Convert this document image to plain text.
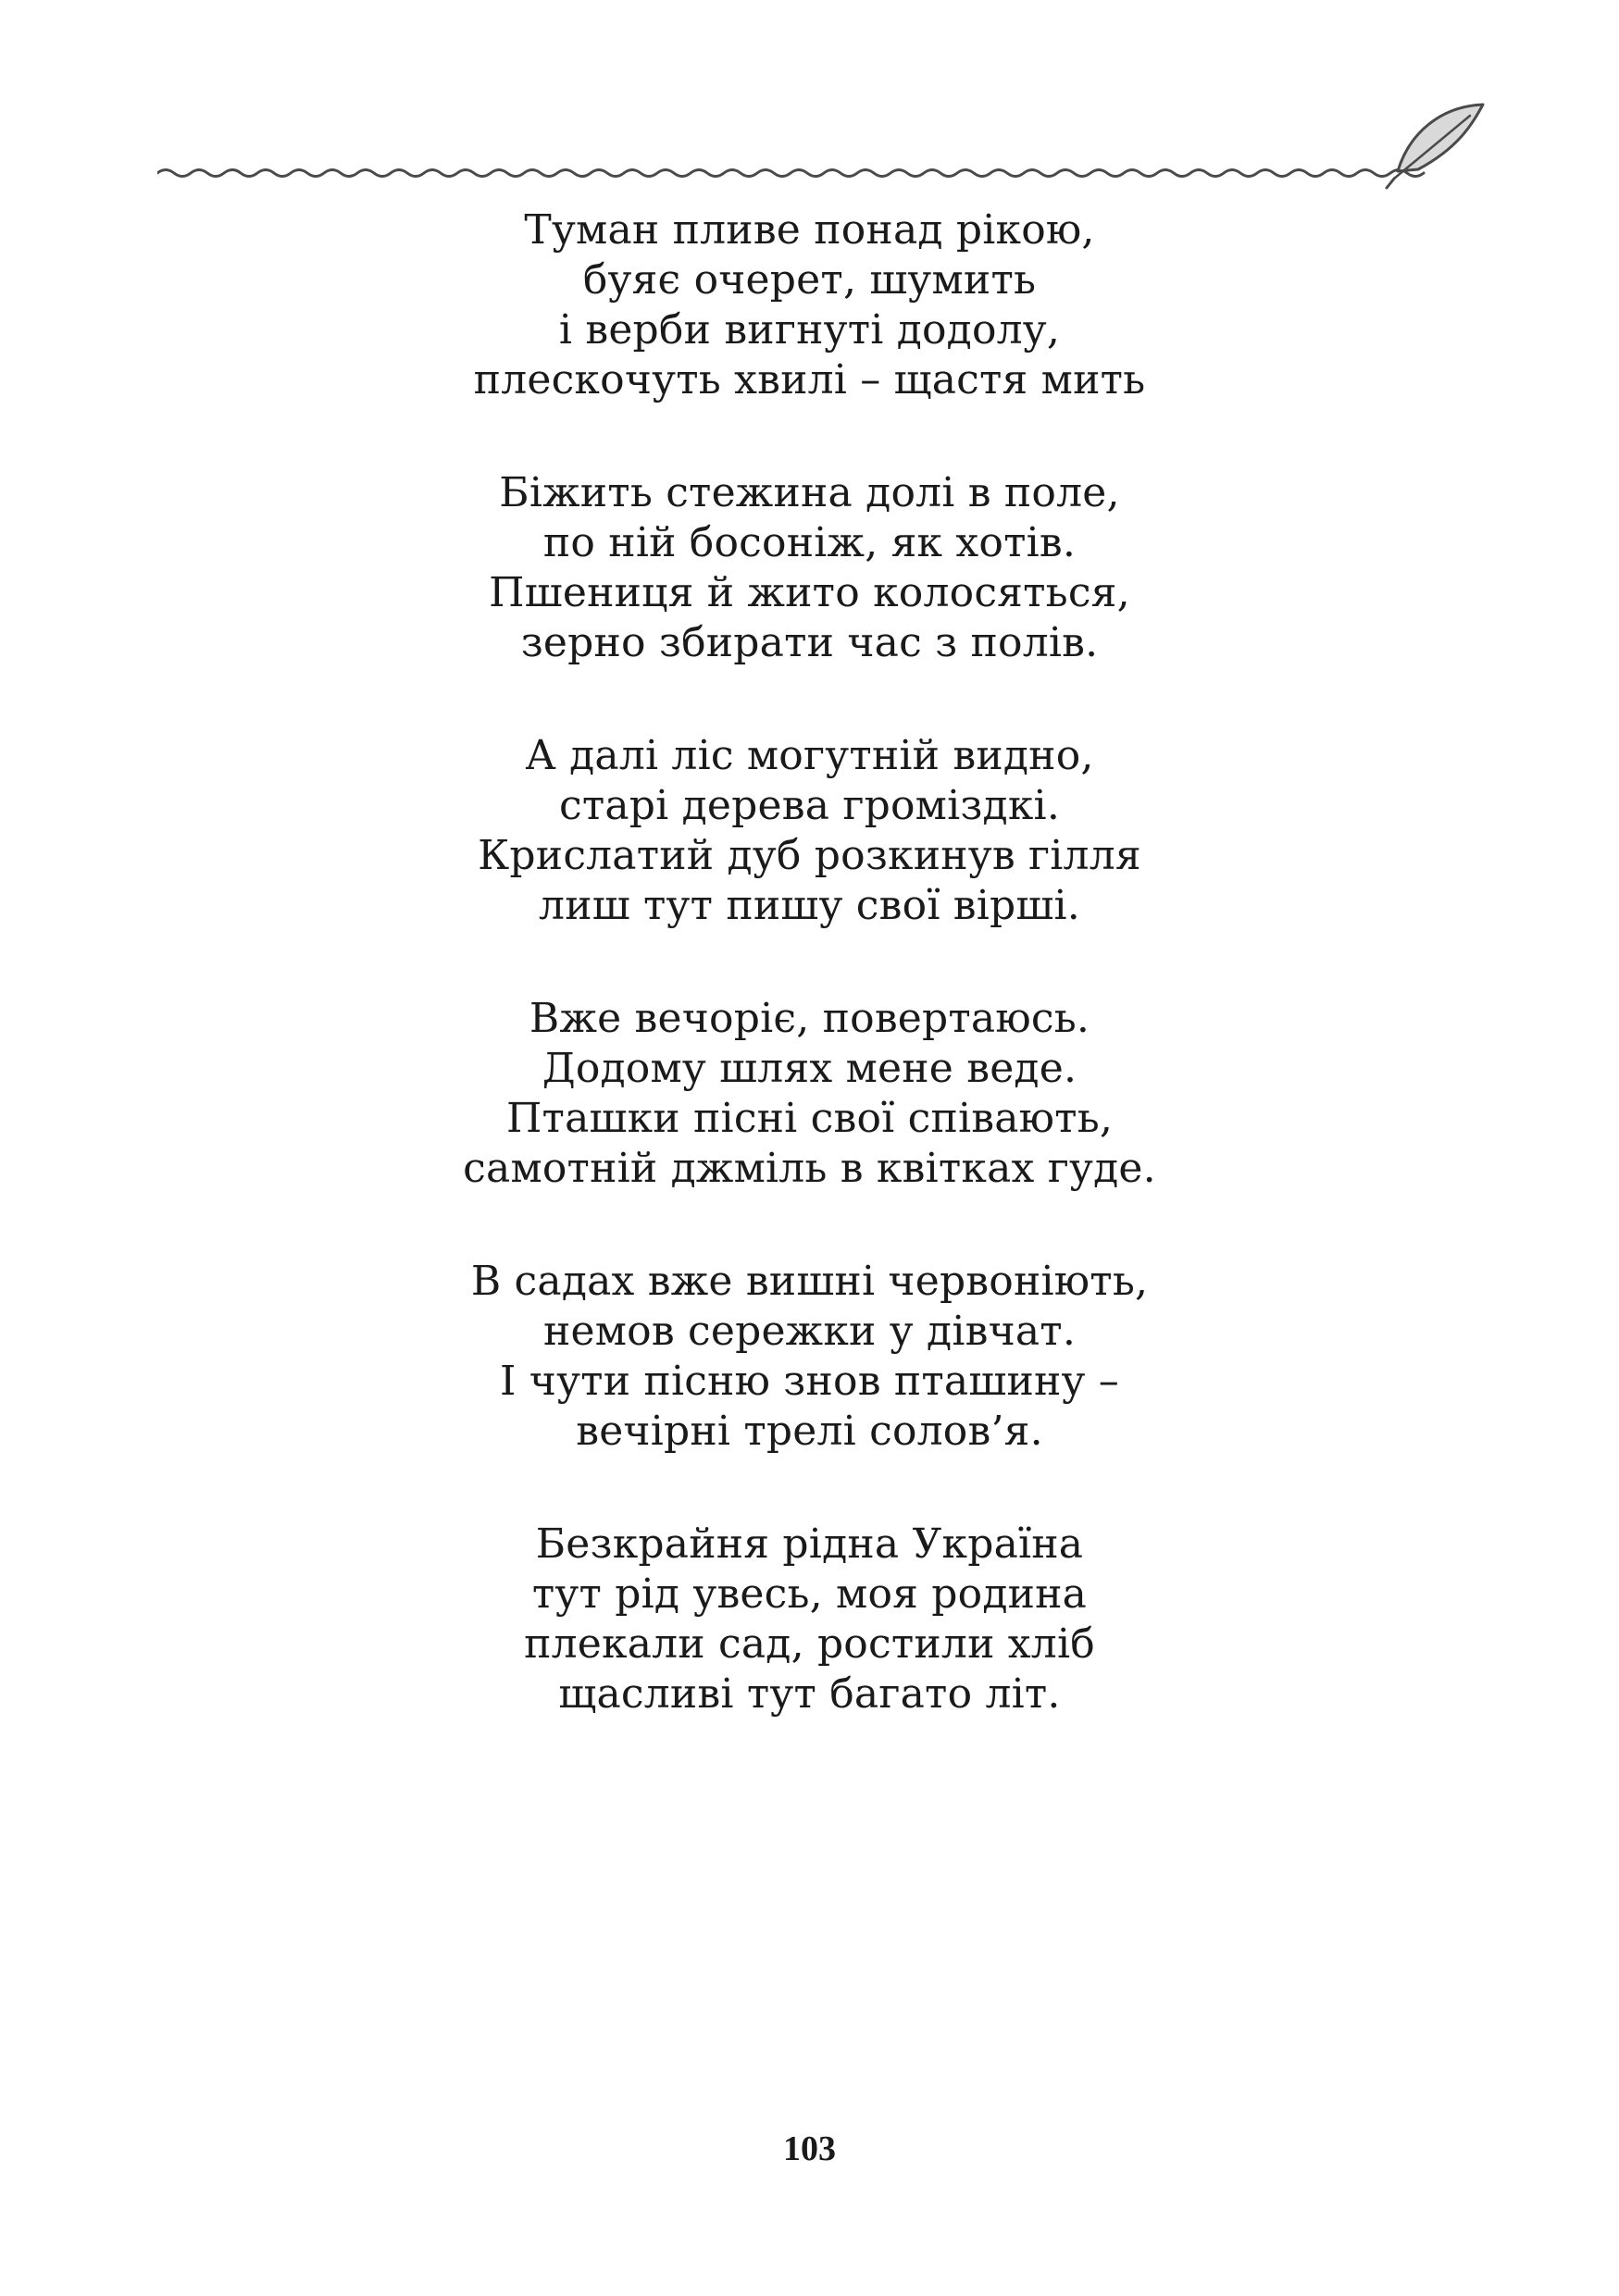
Туман пливе понад рікою,
буяє очерет, шумить
і верби вигнуті додолу,
плескочуть хвилі – щастя мить
Біжить стежина долі в поле,
по ній босоніж, як хотів.
Пшениця й жито колосяться,
зерно збирати час з полів.
А далі ліс могутній видно,
старі дерева громіздкі.
Крислатий дуб розкинув гілля
лиш тут пишу свої вірші.
Вже вечоріє, повертаюсь.
Додому шлях мене веде.
Пташки пісні свої співають,
самотній джміль в квітках гуде.
В садах вже вишні червоніють,
немов сережки у дівчат.
І чути пісню знов пташину –
вечірні трелі солов’я.
Безкрайня рідна Україна
тут рід увесь, моя родина
плекали сад, ростили хліб
щасливі тут багато літ.
103
